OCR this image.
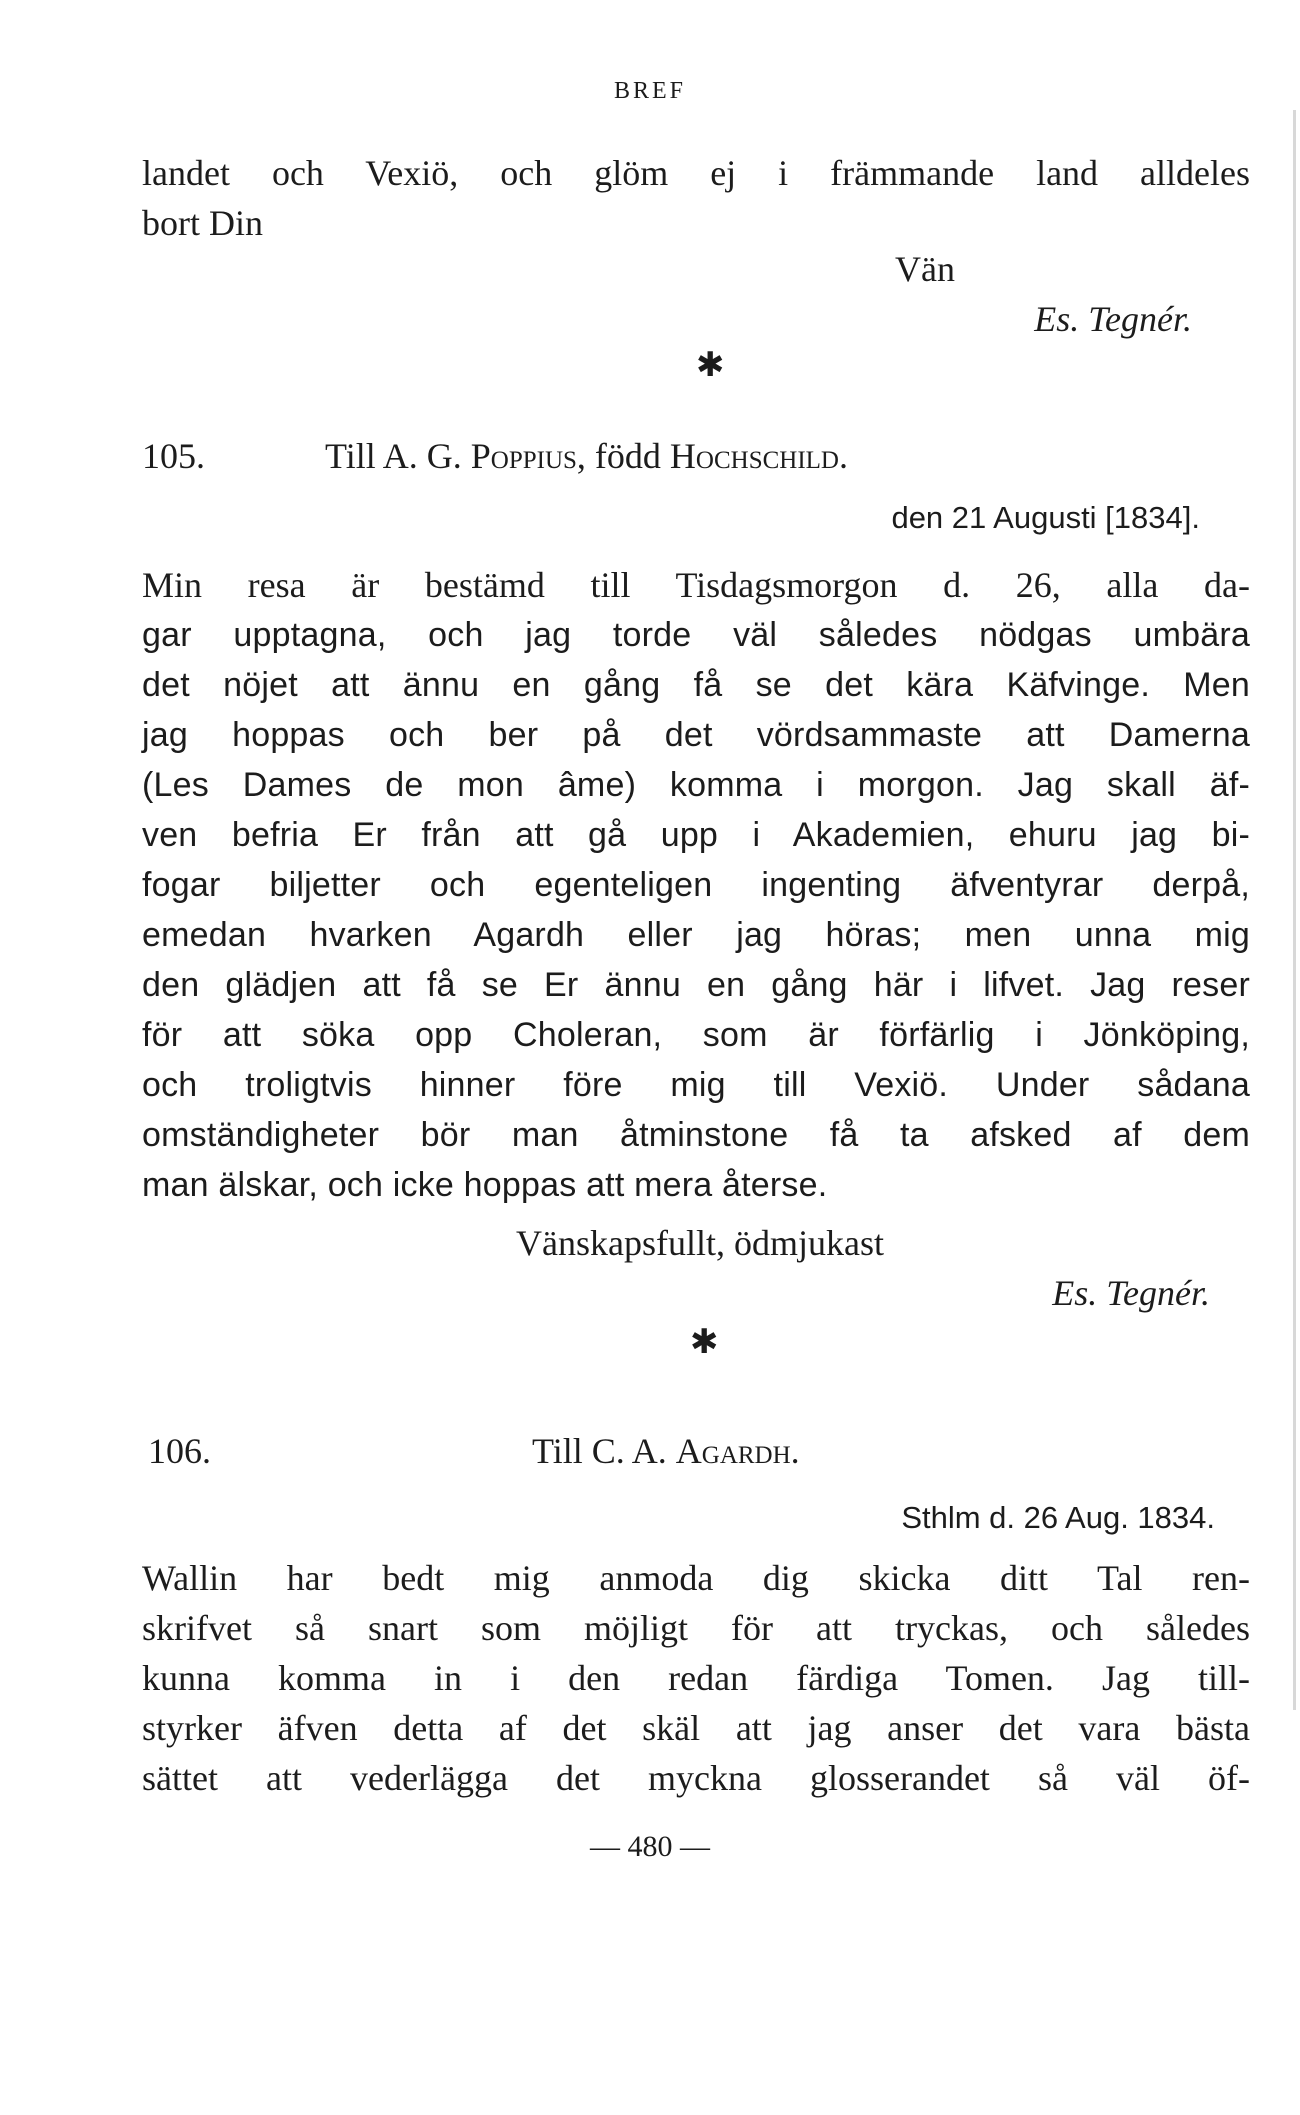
BREF
landet och Vexiö, och glöm ej i främmande land alldeles
bort Din
Vän
Es. Tegnér.
✱
105.	Till A. G. Poppius, född Hochschild.
den 21 Augusti [1834].
Min resa är bestämd till Tisdagsmorgon d. 26, alla da-
gar upptagna, och jag torde väl således nödgas umbära
det nöjet att ännu en gång få se det kära Käfvinge. Men
jag hoppas och ber på det vördsammaste att Damerna
(Les Dames de mon âme) komma i morgon. Jag skall äf-
ven befria Er från att gå upp i Akademien, ehuru jag bi-
fogar biljetter och egenteligen ingenting äfventyrar derpå,
emedan hvarken Agardh eller jag höras; men unna mig
den glädjen att få se Er ännu en gång här i lifvet. Jag reser
för att söka opp Choleran, som är förfärlig i Jönköping,
och troligtvis hinner före mig till Vexiö. Under sådana
omständigheter bör man åtminstone få ta afsked af dem
man älskar, och icke hoppas att mera återse.
Vänskapsfullt, ödmjukast
Es. Tegnér.
✱
106.	Till C. A. Agardh.
Sthlm d. 26 Aug. 1834.
Wallin har bedt mig anmoda dig skicka ditt Tal ren-
skrifvet så snart som möjligt för att tryckas, och således
kunna komma in i den redan färdiga Tomen. Jag till-
styrker äfven detta af det skäl att jag anser det vara bästa
sättet att vederlägga det myckna glosserandet så väl öf-
— 480 —
